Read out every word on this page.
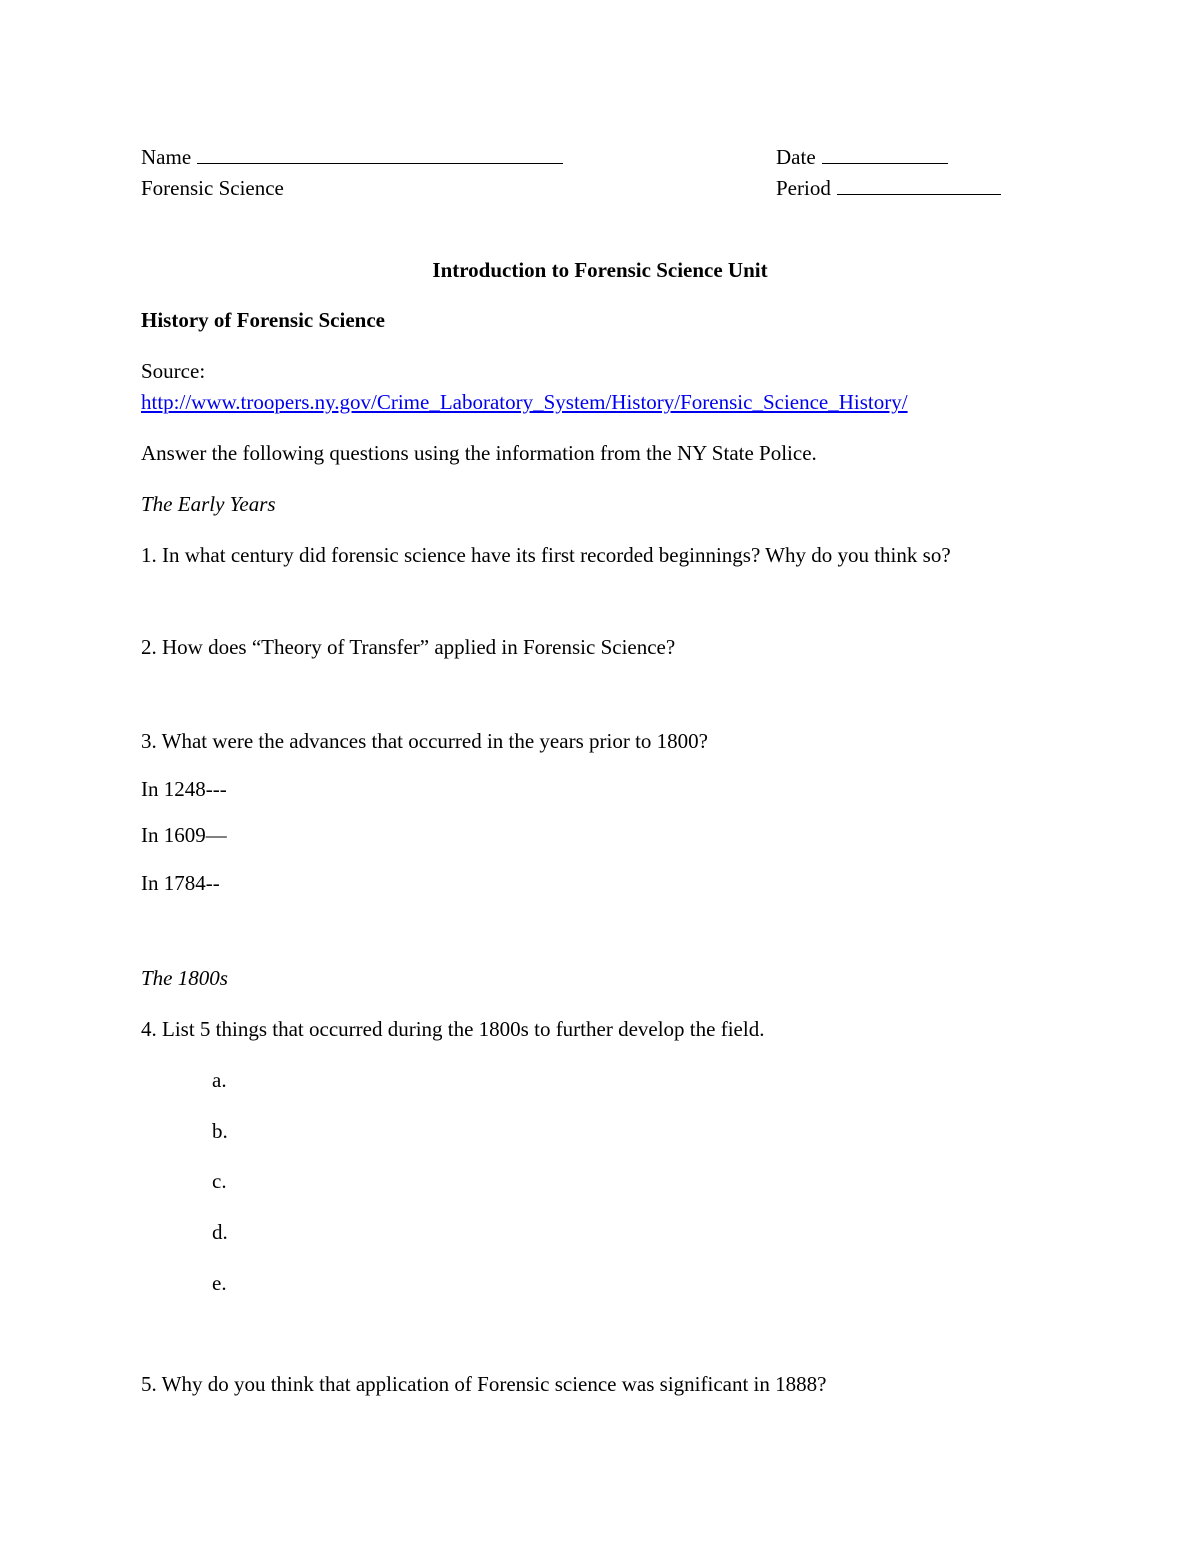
Name	Date
Forensic Science	Period
Introduction to Forensic Science Unit
History of Forensic Science
Source:
http://www.troopers.ny.gov/Crime_Laboratory_System/History/Forensic_Science_History/
Answer the following questions using the information from the NY State Police.
The Early Years
1. In what century did forensic science have its first recorded beginnings? Why do you think so?
2. How does “Theory of Transfer” applied in Forensic Science?
3. What were the advances that occurred in the years prior to 1800?
In 1248---
In 1609—
In 1784--
The 1800s
4. List 5 things that occurred during the 1800s to further develop the field.
a.
b.
c.
d.
e.
5. Why do you think that application of Forensic science was significant in 1888?
